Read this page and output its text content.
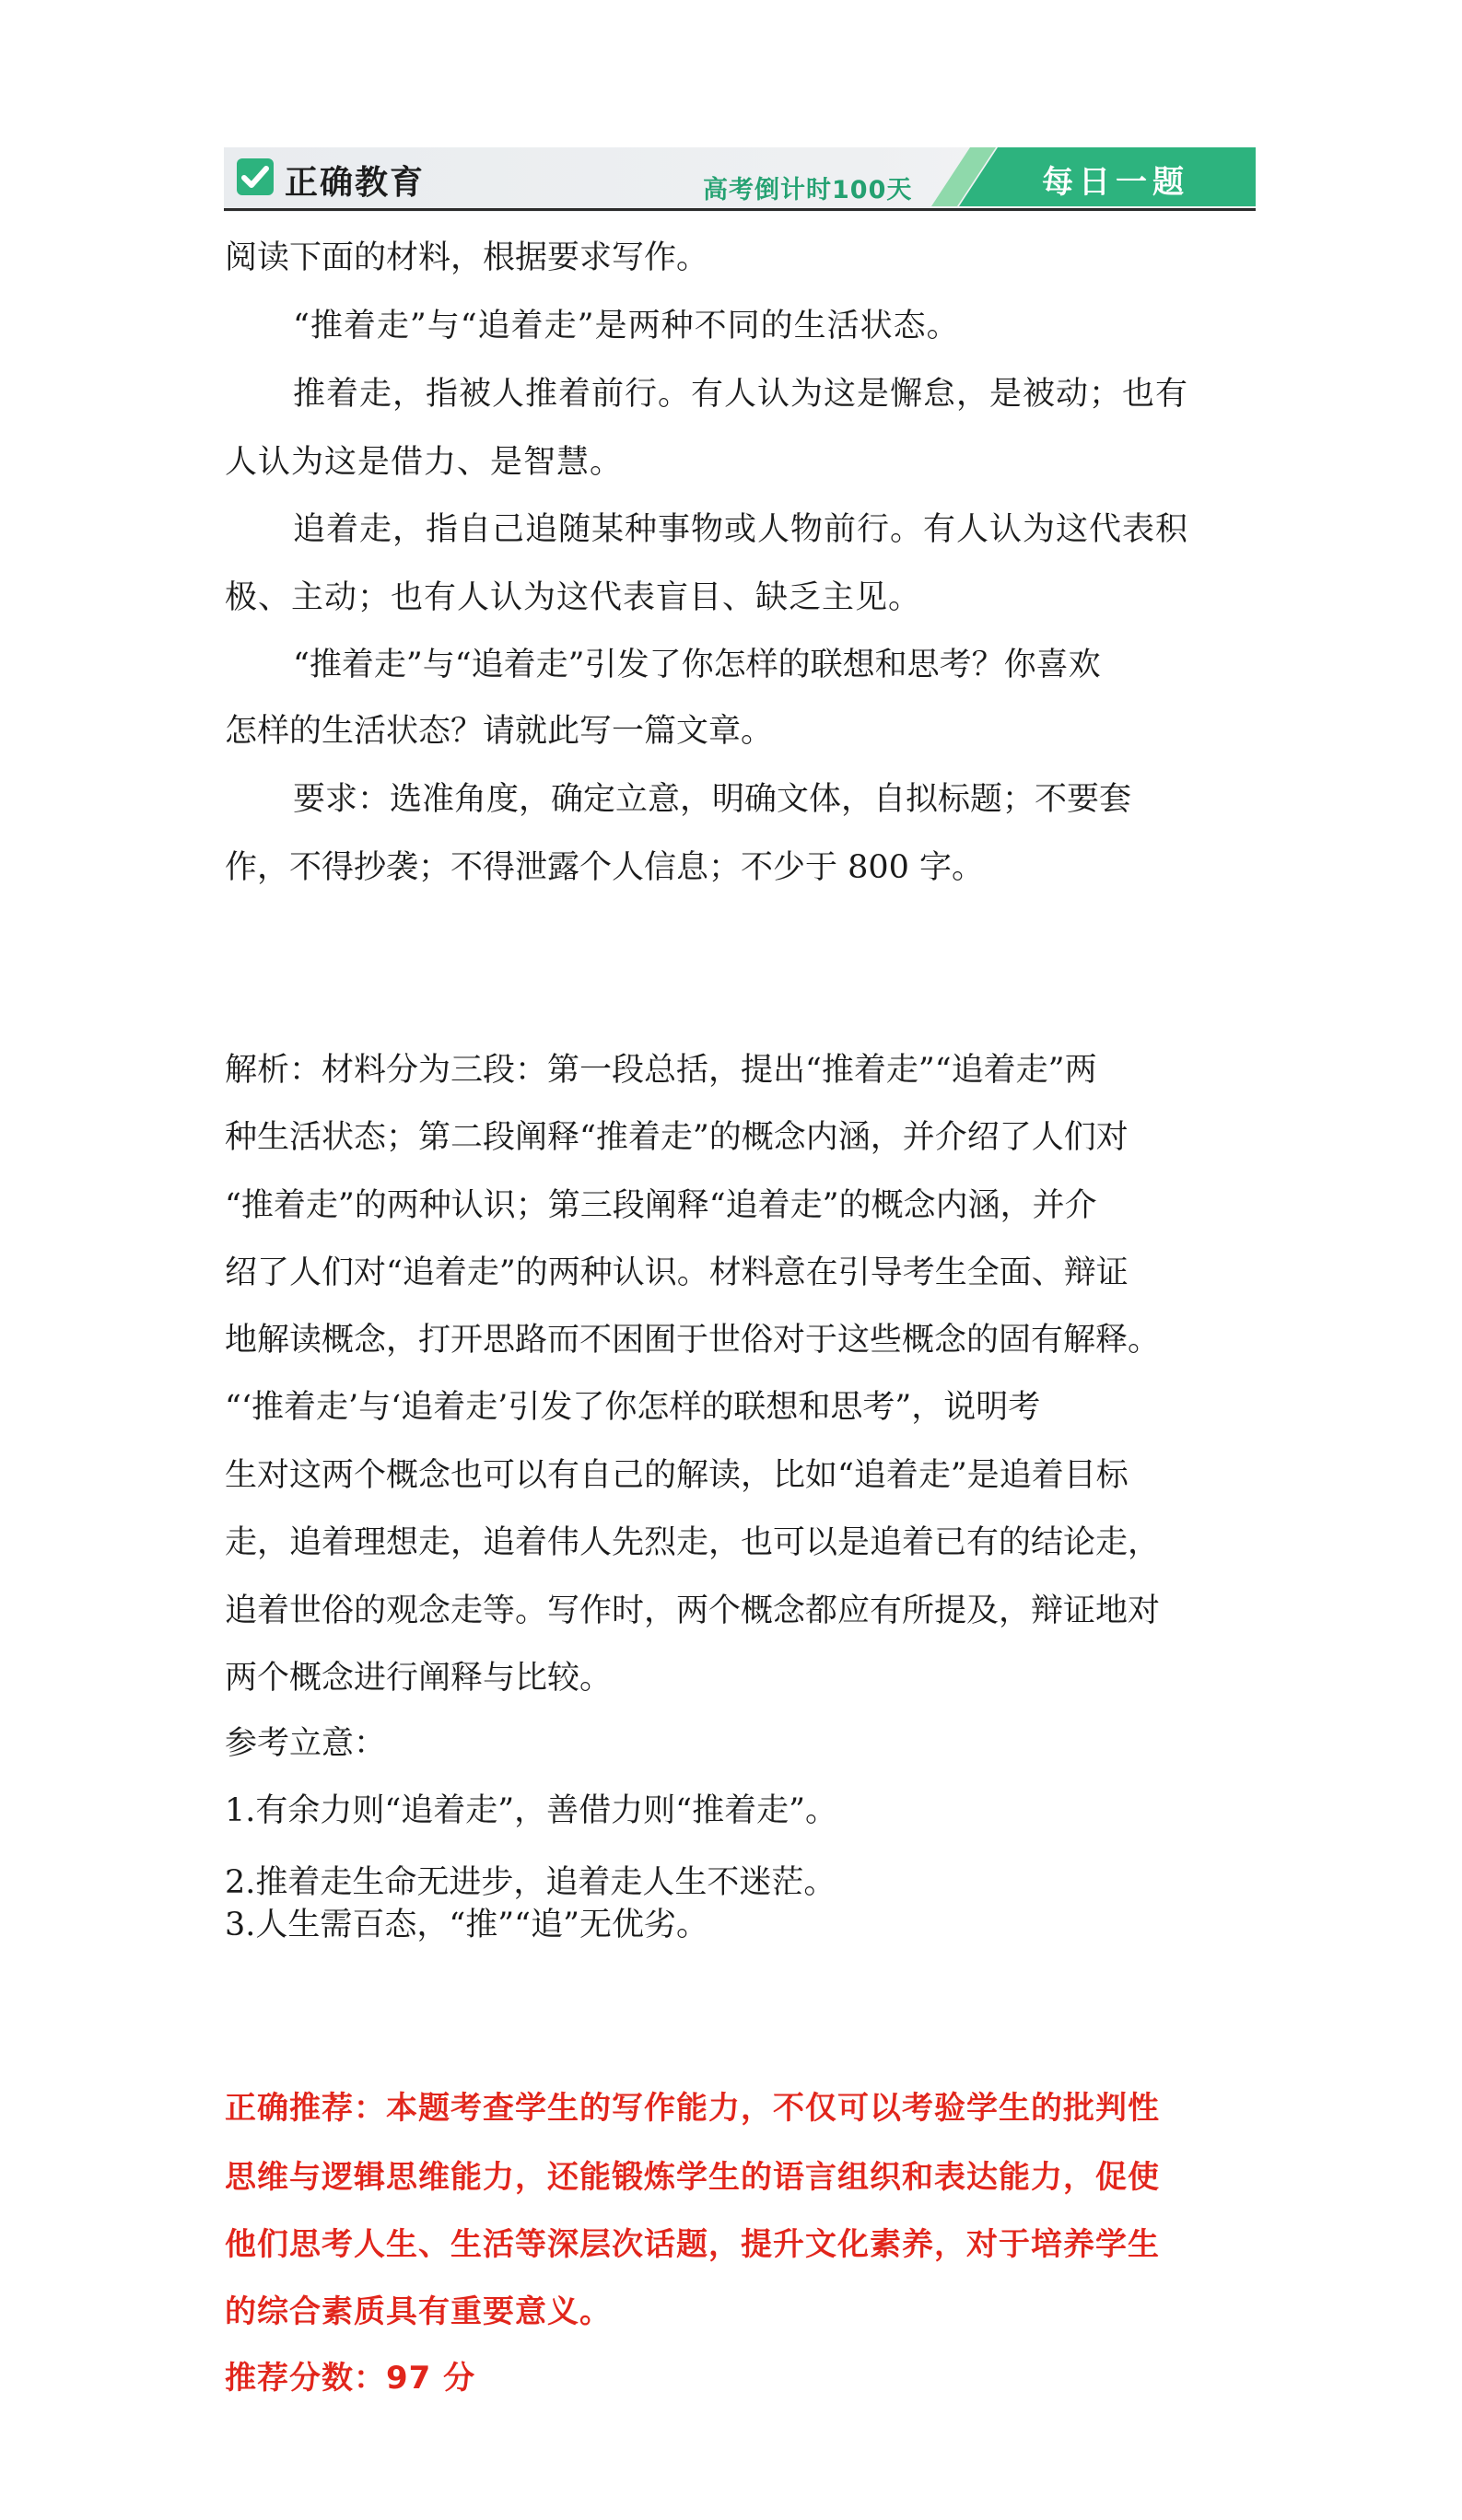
正确教育	高考倒计时100天	每日一题
阅读下面的材料，根据要求写作。
“推着走”与“追着走”是两种不同的生活状态。
推着走，指被人推着前行。有人认为这是懈怠，是被动；也有
人认为这是借力、是智慧。
追着走，指自己追随某种事物或人物前行。有人认为这代表积
极、主动；也有人认为这代表盲目、缺乏主见。
“推着走”与“追着走”引发了你怎样的联想和思考？你喜欢
怎样的生活状态？请就此写一篇文章。
要求：选准角度，确定立意，明确文体，自拟标题；不要套
作，不得抄袭；不得泄露个人信息；不少于 800 字。
解析：材料分为三段：第一段总括，提出“推着走”“追着走”两
种生活状态；第二段阐释“推着走”的概念内涵，并介绍了人们对
“推着走”的两种认识；第三段阐释“追着走”的概念内涵，并介
绍了人们对“追着走”的两种认识。材料意在引导考生全面、辩证
地解读概念，打开思路而不困囿于世俗对于这些概念的固有解释。
“‘推着走’与‘追着走’引发了你怎样的联想和思考”，说明考
生对这两个概念也可以有自己的解读，比如“追着走”是追着目标
走，追着理想走，追着伟人先烈走，也可以是追着已有的结论走，
追着世俗的观念走等。写作时，两个概念都应有所提及，辩证地对
两个概念进行阐释与比较。
参考立意：
1.有余力则“追着走”，善借力则“推着走”。
2.推着走生命无进步，追着走人生不迷茫。
3.人生需百态，“推”“追”无优劣。
正确推荐：本题考查学生的写作能力，不仅可以考验学生的批判性
思维与逻辑思维能力，还能锻炼学生的语言组织和表达能力，促使
他们思考人生、生活等深层次话题，提升文化素养，对于培养学生
的综合素质具有重要意义。
推荐分数：97 分
